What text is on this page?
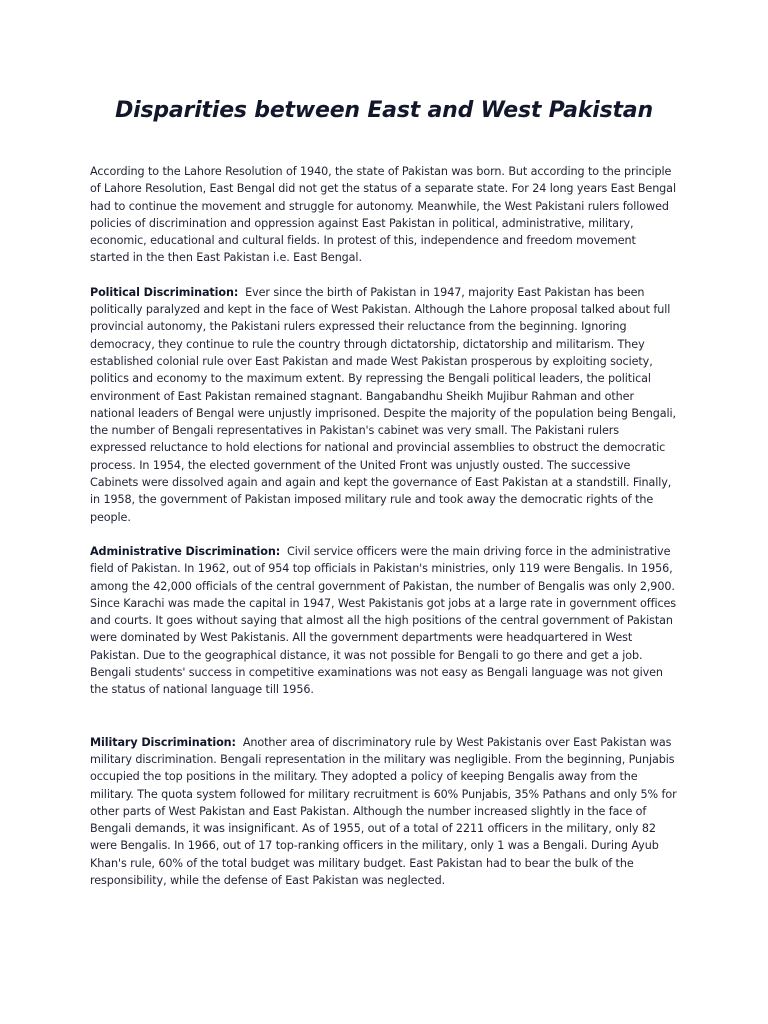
Disparities between East and West Pakistan

According to the Lahore Resolution of 1940, the state of Pakistan was born. But according to the principle of Lahore Resolution, East Bengal did not get the status of a separate state. For 24 long years East Bengal had to continue the movement and struggle for autonomy. Meanwhile, the West Pakistani rulers followed policies of discrimination and oppression against East Pakistan in political, administrative, military, economic, educational and cultural fields. In protest of this, independence and freedom movement started in the then East Pakistan i.e. East Bengal.

Political Discrimination: Ever since the birth of Pakistan in 1947, majority East Pakistan has been politically paralyzed and kept in the face of West Pakistan. Although the Lahore proposal talked about full provincial autonomy, the Pakistani rulers expressed their reluctance from the beginning. Ignoring democracy, they continue to rule the country through dictatorship, dictatorship and militarism. They established colonial rule over East Pakistan and made West Pakistan prosperous by exploiting society, politics and economy to the maximum extent. By repressing the Bengali political leaders, the political environment of East Pakistan remained stagnant. Bangabandhu Sheikh Mujibur Rahman and other national leaders of Bengal were unjustly imprisoned. Despite the majority of the population being Bengali, the number of Bengali representatives in Pakistan's cabinet was very small. The Pakistani rulers expressed reluctance to hold elections for national and provincial assemblies to obstruct the democratic process. In 1954, the elected government of the United Front was unjustly ousted. The successive Cabinets were dissolved again and again and kept the governance of East Pakistan at a standstill. Finally, in 1958, the government of Pakistan imposed military rule and took away the democratic rights of the people.

Administrative Discrimination: Civil service officers were the main driving force in the administrative field of Pakistan. In 1962, out of 954 top officials in Pakistan's ministries, only 119 were Bengalis. In 1956, among the 42,000 officials of the central government of Pakistan, the number of Bengalis was only 2,900. Since Karachi was made the capital in 1947, West Pakistanis got jobs at a large rate in government offices and courts. It goes without saying that almost all the high positions of the central government of Pakistan were dominated by West Pakistanis. All the government departments were headquartered in West Pakistan. Due to the geographical distance, it was not possible for Bengali to go there and get a job. Bengali students' success in competitive examinations was not easy as Bengali language was not given the status of national language till 1956.

Military Discrimination: Another area of discriminatory rule by West Pakistanis over East Pakistan was military discrimination. Bengali representation in the military was negligible. From the beginning, Punjabis occupied the top positions in the military. They adopted a policy of keeping Bengalis away from the military. The quota system followed for military recruitment is 60% Punjabis, 35% Pathans and only 5% for other parts of West Pakistan and East Pakistan. Although the number increased slightly in the face of Bengali demands, it was insignificant. As of 1955, out of a total of 2211 officers in the military, only 82 were Bengalis. In 1966, out of 17 top-ranking officers in the military, only 1 was a Bengali. During Ayub Khan's rule, 60% of the total budget was military budget. East Pakistan had to bear the bulk of the responsibility, while the defense of East Pakistan was neglected.
